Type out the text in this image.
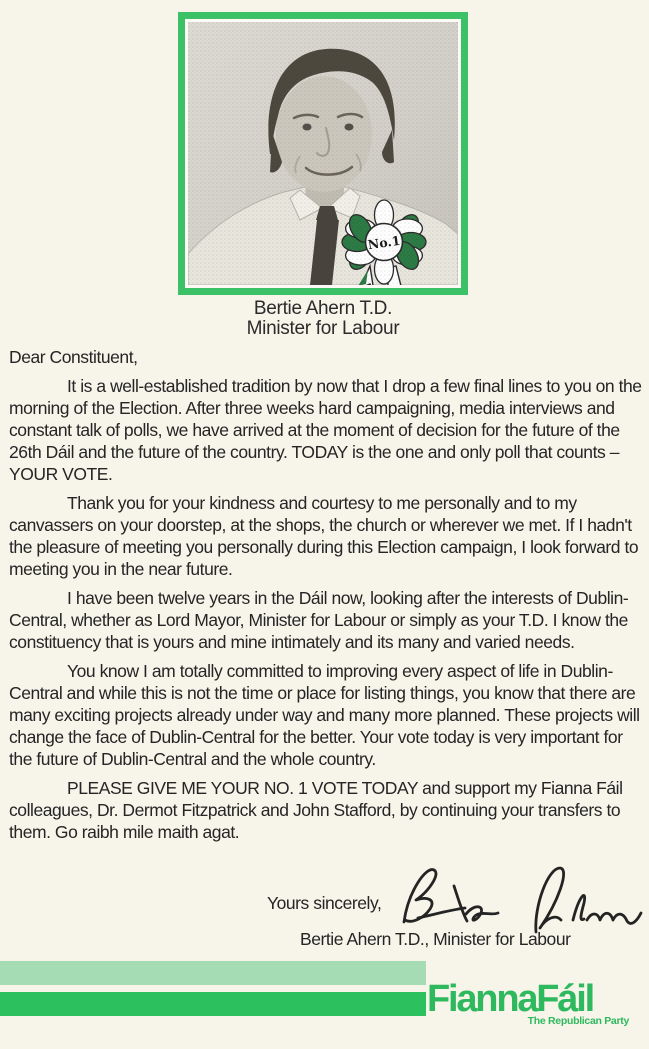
Bertie Ahern T.D.
Minister for Labour

Dear Constituent,

It is a well-established tradition by now that I drop a few final lines to you on the morning of the Election. After three weeks hard campaigning, media interviews and constant talk of polls, we have arrived at the moment of decision for the future of the 26th Dáil and the future of the country. TODAY is the one and only poll that counts – YOUR VOTE.

Thank you for your kindness and courtesy to me personally and to my canvassers on your doorstep, at the shops, the church or wherever we met. If I hadn't the pleasure of meeting you personally during this Election campaign, I look forward to meeting you in the near future.

I have been twelve years in the Dáil now, looking after the interests of Dublin-Central, whether as Lord Mayor, Minister for Labour or simply as your T.D. I know the constituency that is yours and mine intimately and its many and varied needs.

You know I am totally committed to improving every aspect of life in Dublin-Central and while this is not the time or place for listing things, you know that there are many exciting projects already under way and many more planned. These projects will change the face of Dublin-Central for the better. Your vote today is very important for the future of Dublin-Central and the whole country.

PLEASE GIVE ME YOUR NO. 1 VOTE TODAY and support my Fianna Fáil colleagues, Dr. Dermot Fitzpatrick and John Stafford, by continuing your transfers to them. Go raibh mile maith agat.

Yours sincerely,
Bertie Ahern T.D., Minister for Labour
FiannaFáil
The Republican Party
